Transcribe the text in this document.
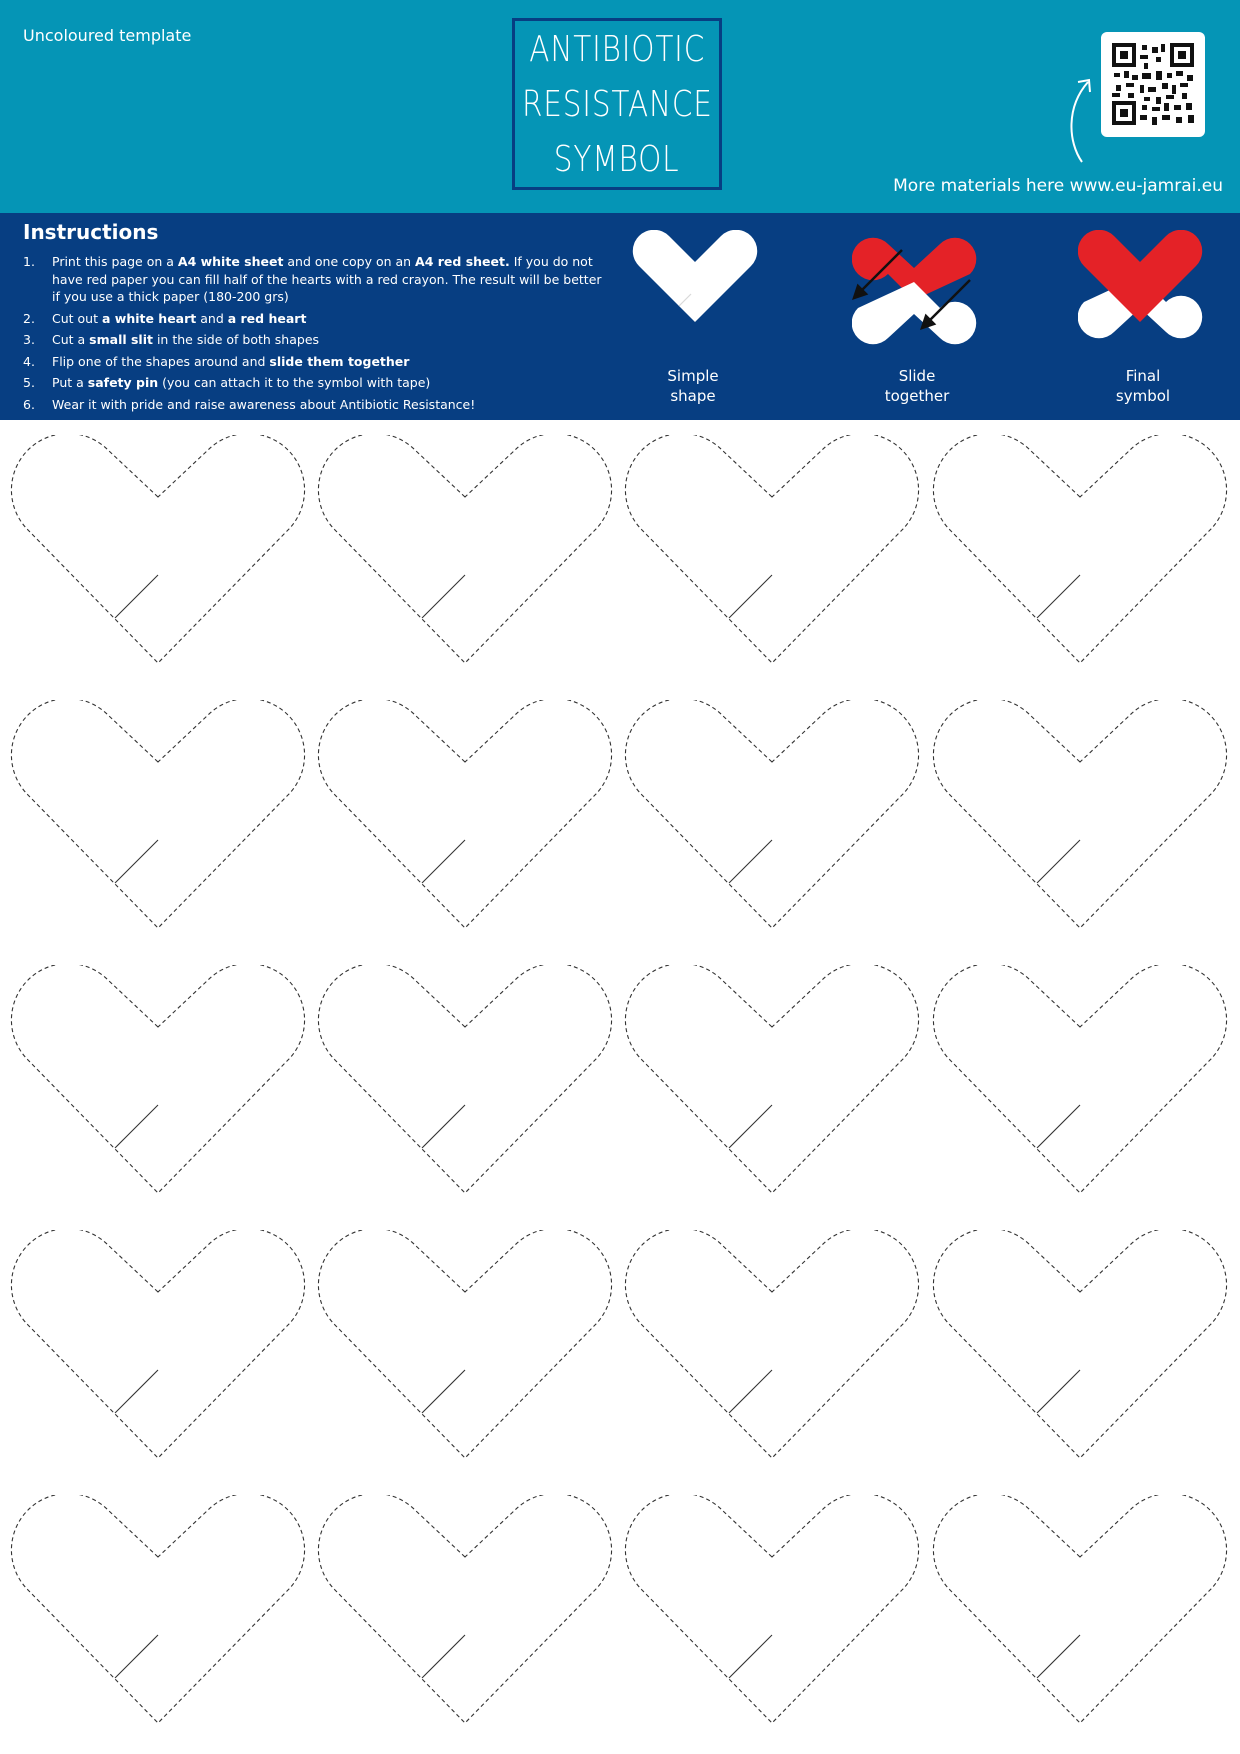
Uncoloured template	ANTIBIOTIC
RESISTANCE
SYMBOL
More materials here www.eu-jamrai.eu
Instructions
1. Print this page on a A4 white sheet and one copy on an A4 red sheet. If you do not have red paper you can fill half of the hearts with a red crayon. The result will be better if you use a thick paper (180-200 grs)
2. Cut out a white heart and a red heart
3. Cut a small slit in the side of both shapes
4. Flip one of the shapes around and slide them together
5. Put a safety pin (you can attach it to the symbol with tape)
6. Wear it with pride and raise awareness about Antibiotic Resistance!
Simple
shape
Slide
together
Final
symbol
